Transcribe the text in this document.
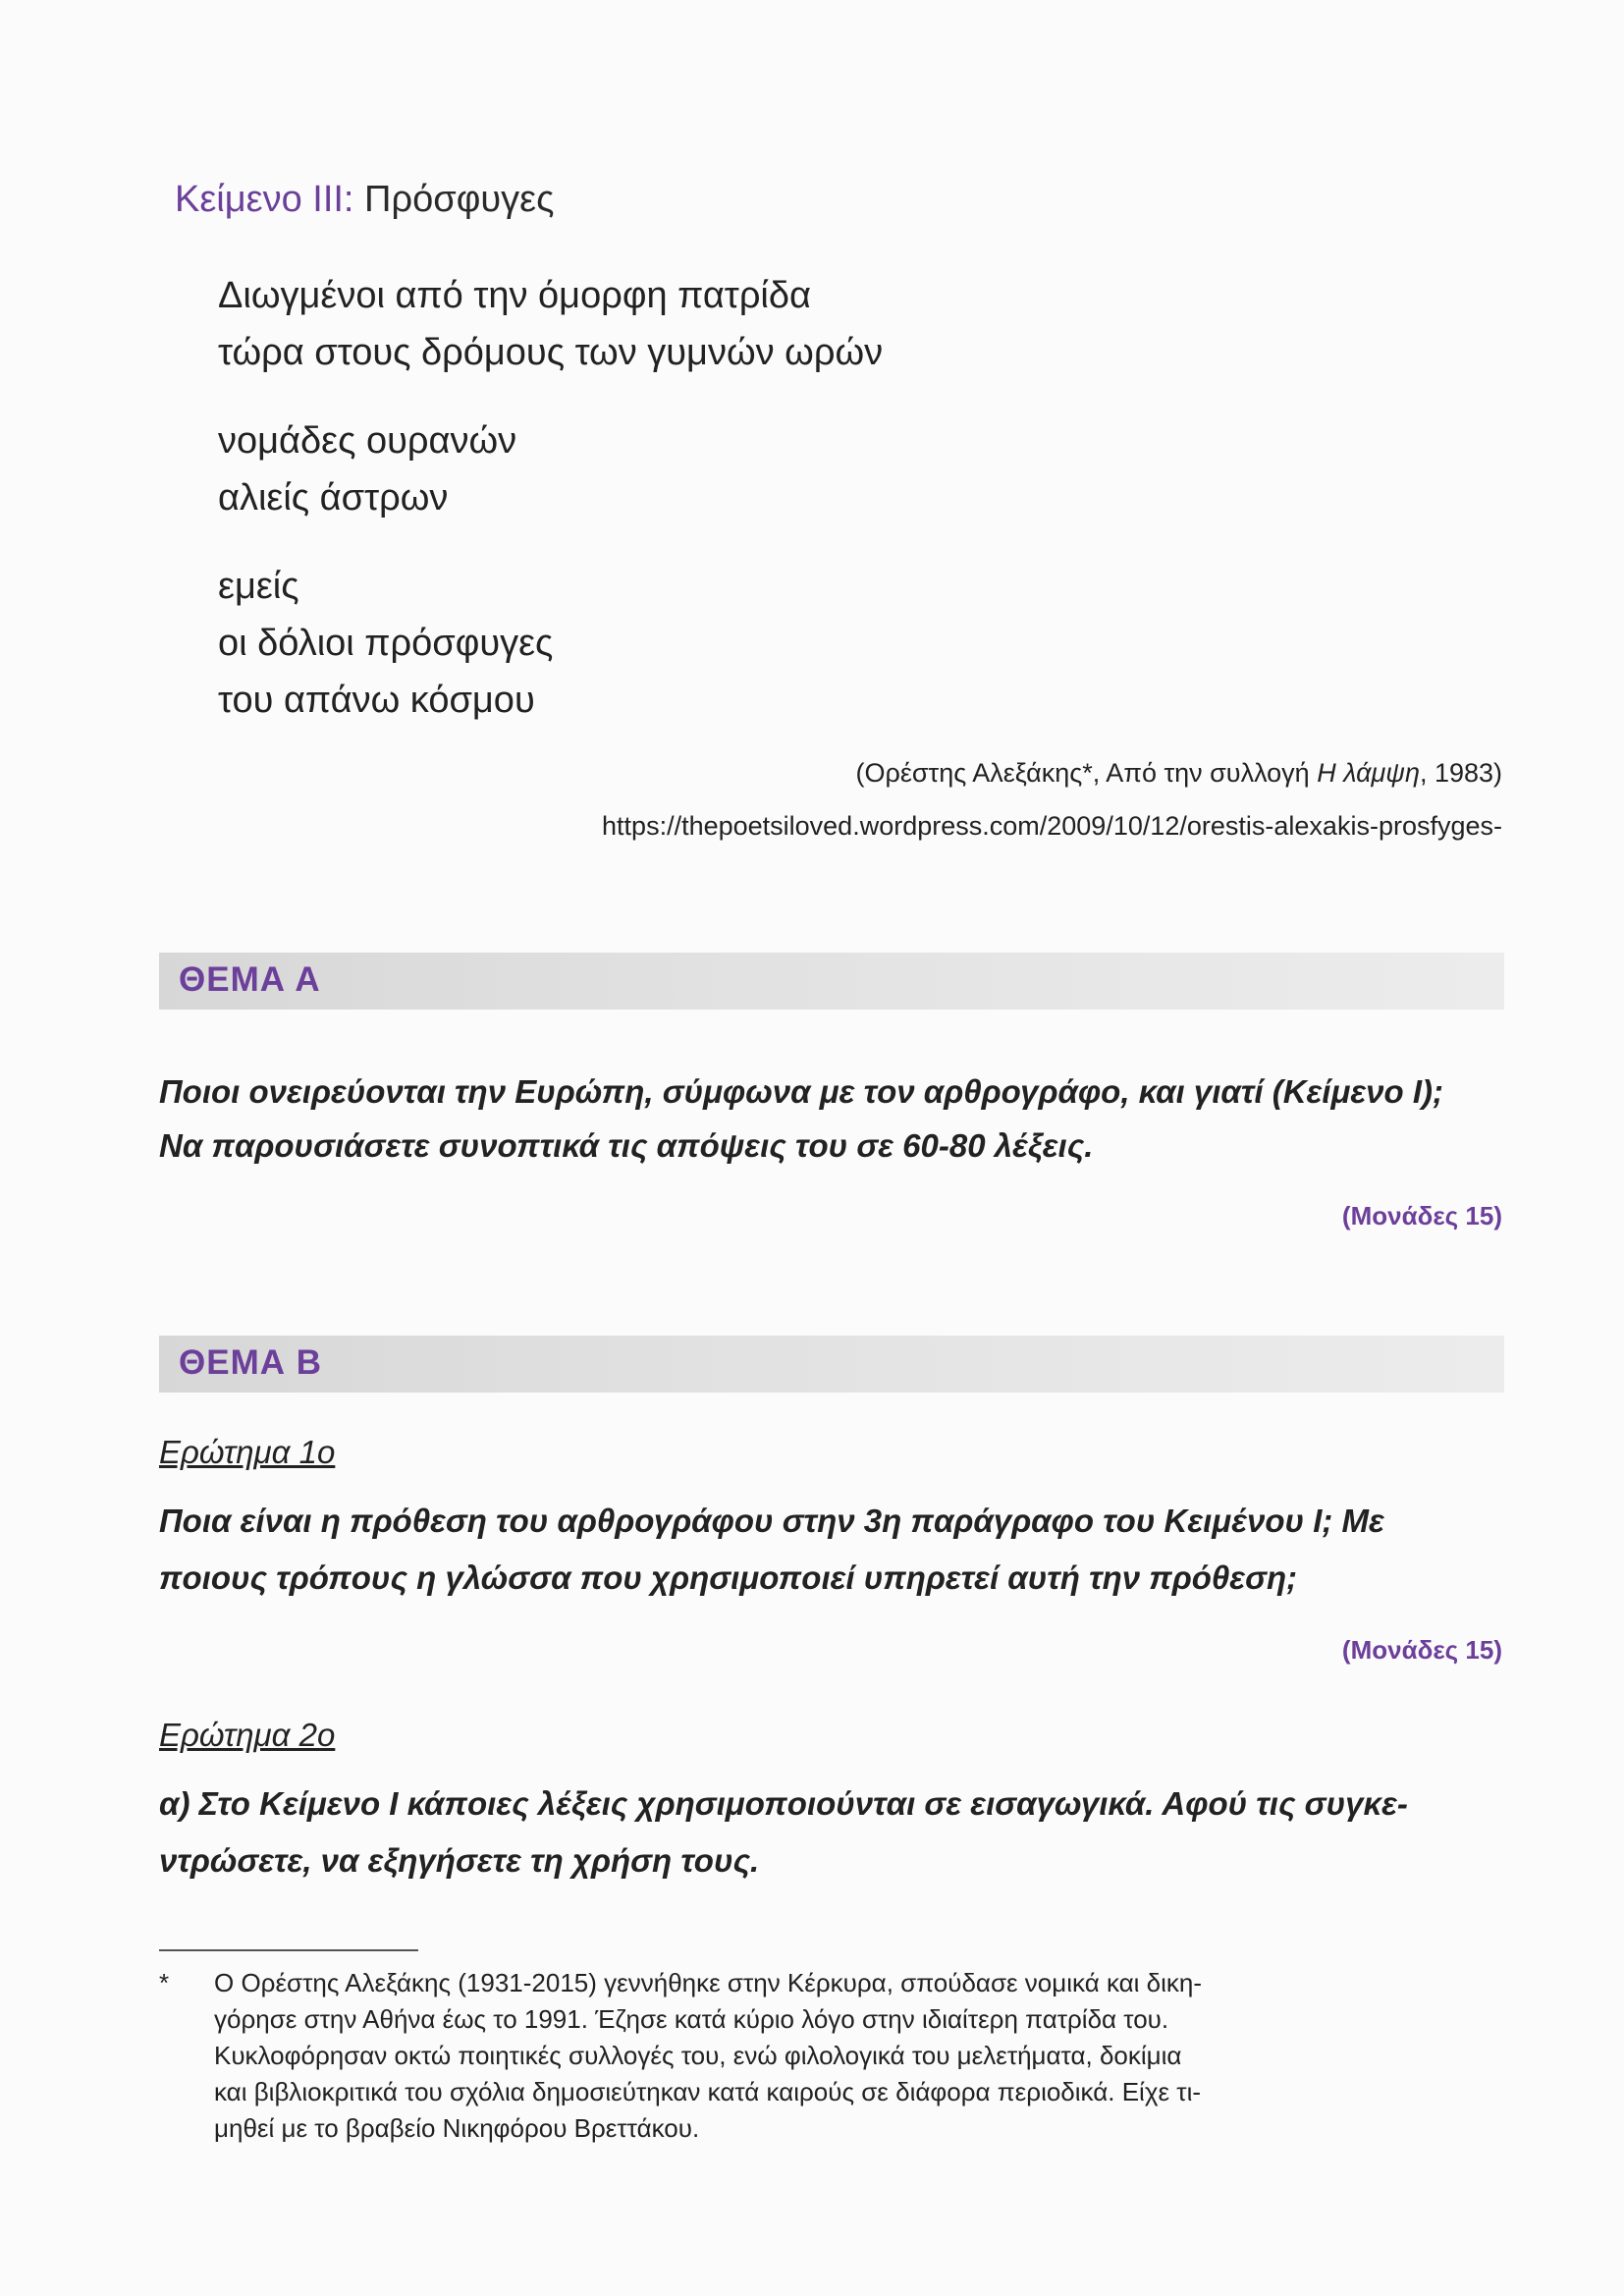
Κείμενο III: Πρόσφυγες
Διωγμένοι από την όμορφη πατρίδα
τώρα στους δρόμους των γυμνών ωρών
νομάδες ουρανών
αλιείς άστρων
εμείς
οι δόλιοι πρόσφυγες
του απάνω κόσμου
(Ορέστης Αλεξάκης*, Από την συλλογή Η λάμψη, 1983)
https://thepoetsiloved.wordpress.com/2009/10/12/orestis-alexakis-prosfyges-
ΘΕΜΑ Α
Ποιοι ονειρεύονται την Ευρώπη, σύμφωνα με τον αρθρογράφο, και γιατί (Κείμενο Ι);
Να παρουσιάσετε συνοπτικά τις απόψεις του σε 60-80 λέξεις.
(Μονάδες 15)
ΘΕΜΑ Β
Ερώτημα 1ο
Ποια είναι η πρόθεση του αρθρογράφου στην 3η παράγραφο του Κειμένου Ι; Με
ποιους τρόπους η γλώσσα που χρησιμοποιεί υπηρετεί αυτή την πρόθεση;
(Μονάδες 15)
Ερώτημα 2ο
α) Στο Κείμενο Ι κάποιες λέξεις χρησιμοποιούνται σε εισαγωγικά. Αφού τις συγκε-
ντρώσετε, να εξηγήσετε τη χρήση τους.
* Ο Ορέστης Αλεξάκης (1931-2015) γεννήθηκε στην Κέρκυρα, σπούδασε νομικά και δικη-
γόρησε στην Αθήνα έως το 1991. Έζησε κατά κύριο λόγο στην ιδιαίτερη πατρίδα του.
Κυκλοφόρησαν οκτώ ποιητικές συλλογές του, ενώ φιλολογικά του μελετήματα, δοκίμια
και βιβλιοκριτικά του σχόλια δημοσιεύτηκαν κατά καιρούς σε διάφορα περιοδικά. Είχε τι-
μηθεί με το βραβείο Νικηφόρου Βρεττάκου.
